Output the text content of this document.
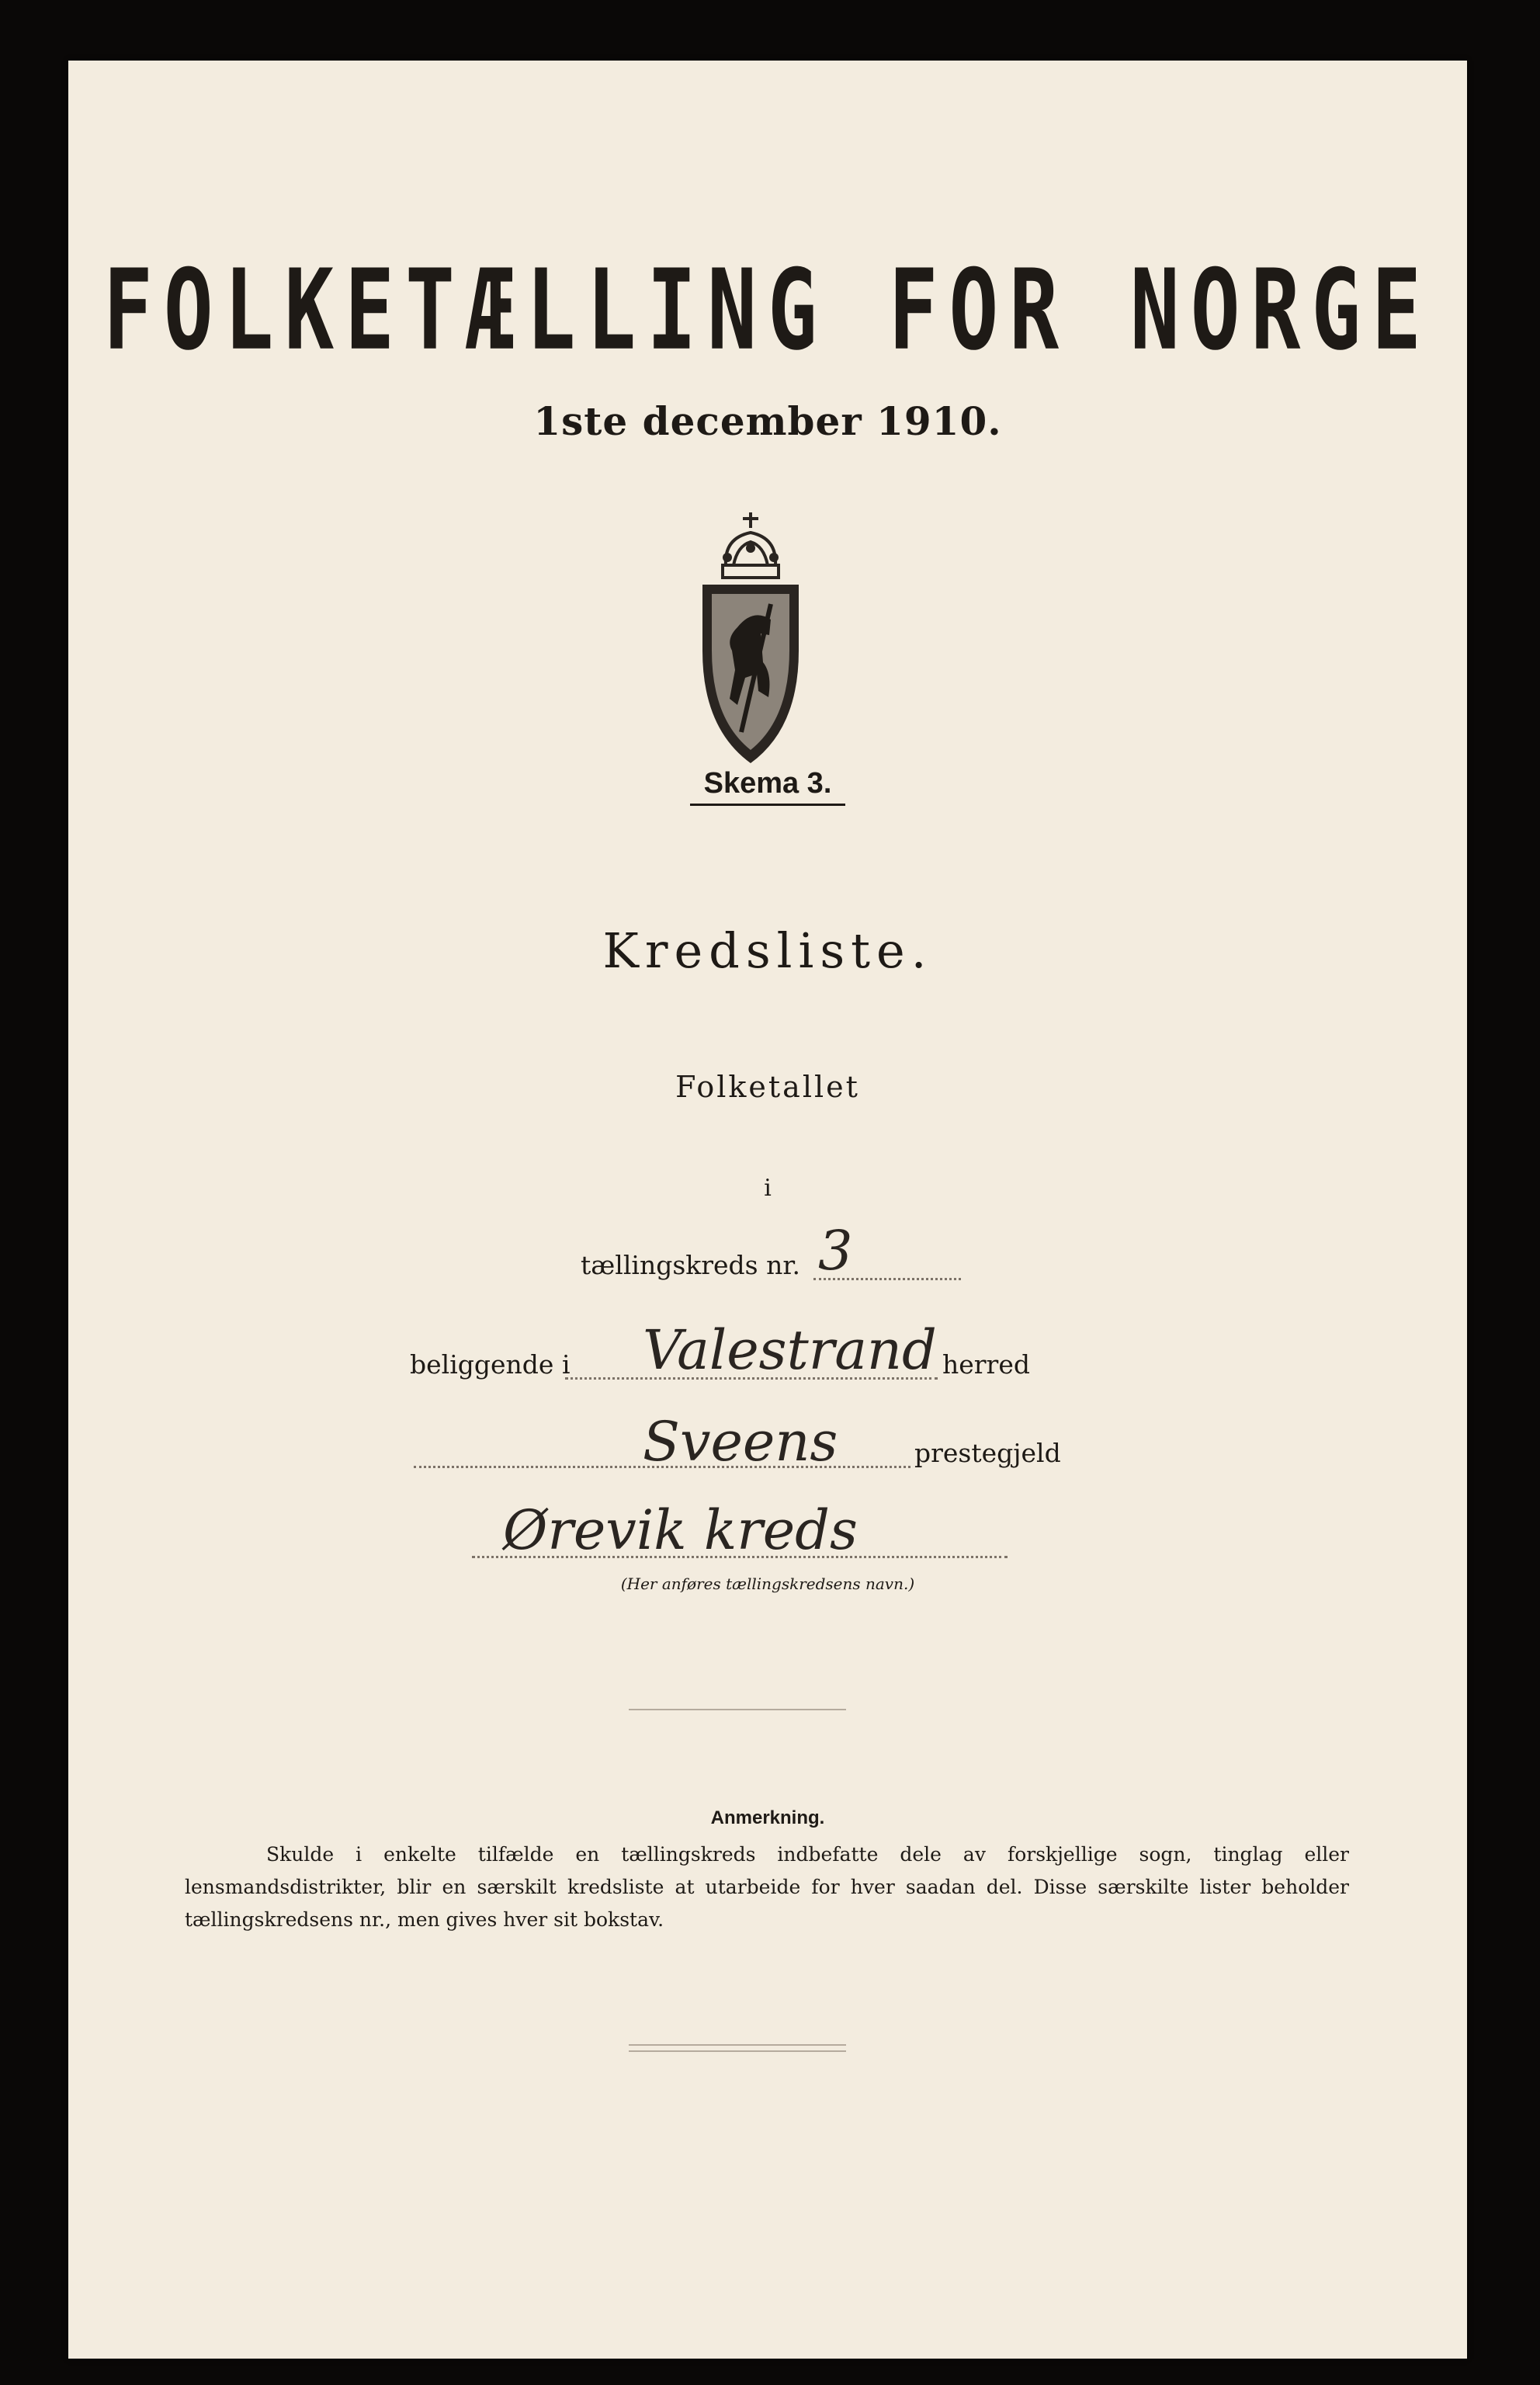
FOLKETÆLLING FOR NORGE
1ste december 1910.
Skema 3.
Kredsliste.
Folketallet
i
tællingskreds nr. 3
beliggende i Valestrand herred
Sveens	prestegjeld
Ørevik kreds
(Her anføres tællingskredsens navn.)
Anmerkning.
Skulde i enkelte tilfælde en tællingskreds indbefatte dele av forskjellige sogn, tinglag eller lensmandsdistrikter, blir en særskilt kredsliste at utarbeide for hver saadan del. Disse særskilte lister beholder tællingskredsens nr., men gives hver sit bokstav.
